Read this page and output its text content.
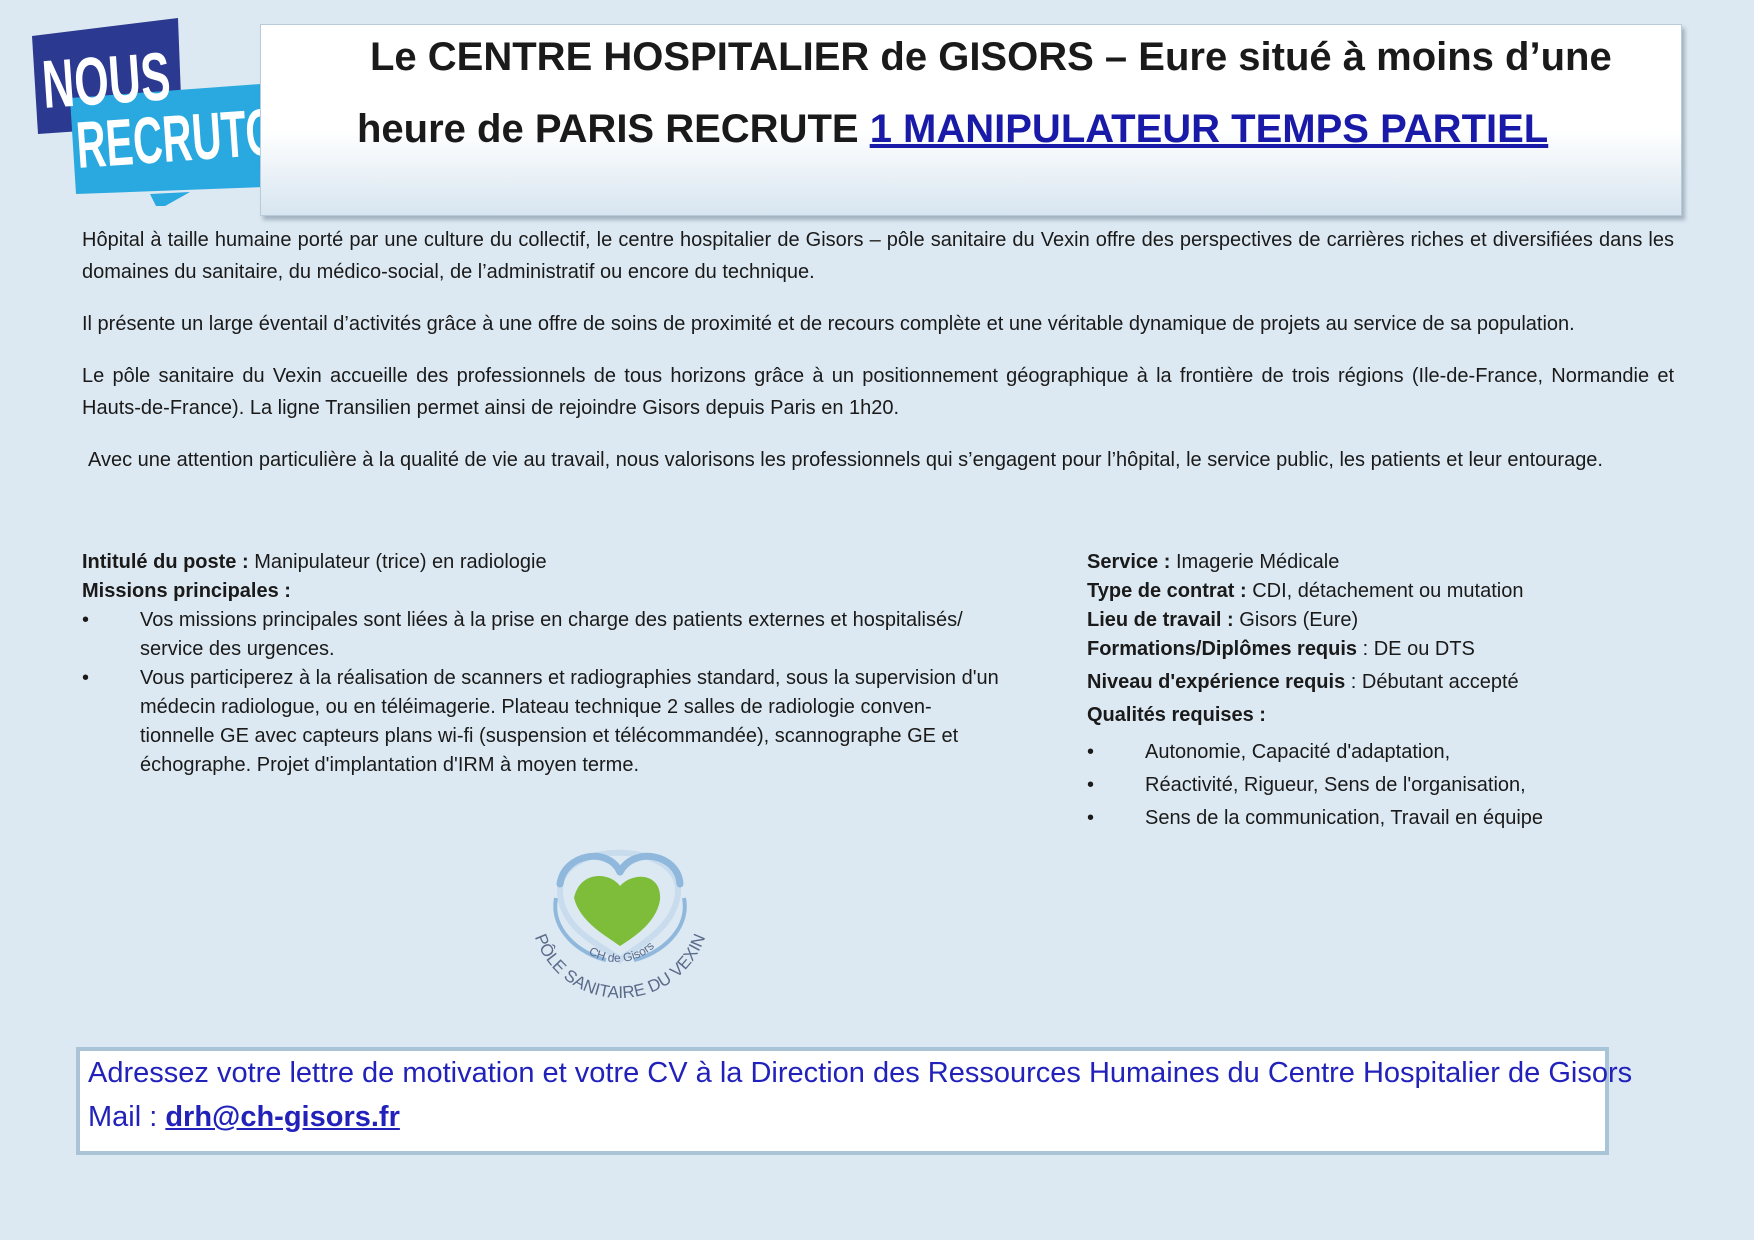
NOUS
RECRUTONS
Le CENTRE HOSPITALIER de GISORS – Eure situé à moins d’une
heure de PARIS RECRUTE 1 MANIPULATEUR TEMPS PARTIEL

Hôpital à taille humaine porté par une culture du collectif, le centre hospitalier de Gisors – pôle sanitaire du Vexin offre des perspectives de carrières riches et diversifiées dans les domaines du sanitaire, du médico-social, de l’administratif ou encore du technique.

Il présente un large éventail d’activités grâce à une offre de soins de proximité et de recours complète et une véritable dynamique de projets au service de sa population.

Le pôle sanitaire du Vexin accueille des professionnels de tous horizons grâce à un positionnement géographique à la frontière de trois régions (Ile-de-France, Normandie et Hauts-de-France). La ligne Transilien permet ainsi de rejoindre Gisors depuis Paris en 1h20.

Avec une attention particulière à la qualité de vie au travail, nous valorisons les professionnels qui s’engagent pour l’hôpital, le service public, les patients et leur entourage.

Intitulé du poste : Manipulateur (trice) en radiologie
Missions principales :
•	Vos missions principales sont liées à la prise en charge des patients externes et hospitalisés/ service des urgences.
•	Vous participerez à la réalisation de scanners et radiographies standard, sous la supervision d'un médecin radiologue, ou en téléimagerie. Plateau technique 2 salles de radiologie conven-tionnelle GE avec capteurs plans wi-fi (suspension et télécommandée), scannographe GE et échographe. Projet d'implantation d'IRM à moyen terme.
Service : Imagerie Médicale
Type de contrat : CDI, détachement ou mutation
Lieu de travail : Gisors (Eure)
Formations/Diplômes requis : DE ou DTS
Niveau d'expérience requis : Débutant accepté
Qualités requises :
•	Autonomie, Capacité d'adaptation,
•	Réactivité, Rigueur, Sens de l'organisation,
•	Sens de la communication, Travail en équipe
CH de Gisors
PÔLE SANITAIRE DU VEXIN
Adressez votre lettre de motivation et votre CV à la Direction des Ressources Humaines du Centre Hospitalier de Gisors
Mail : drh@ch-gisors.fr
